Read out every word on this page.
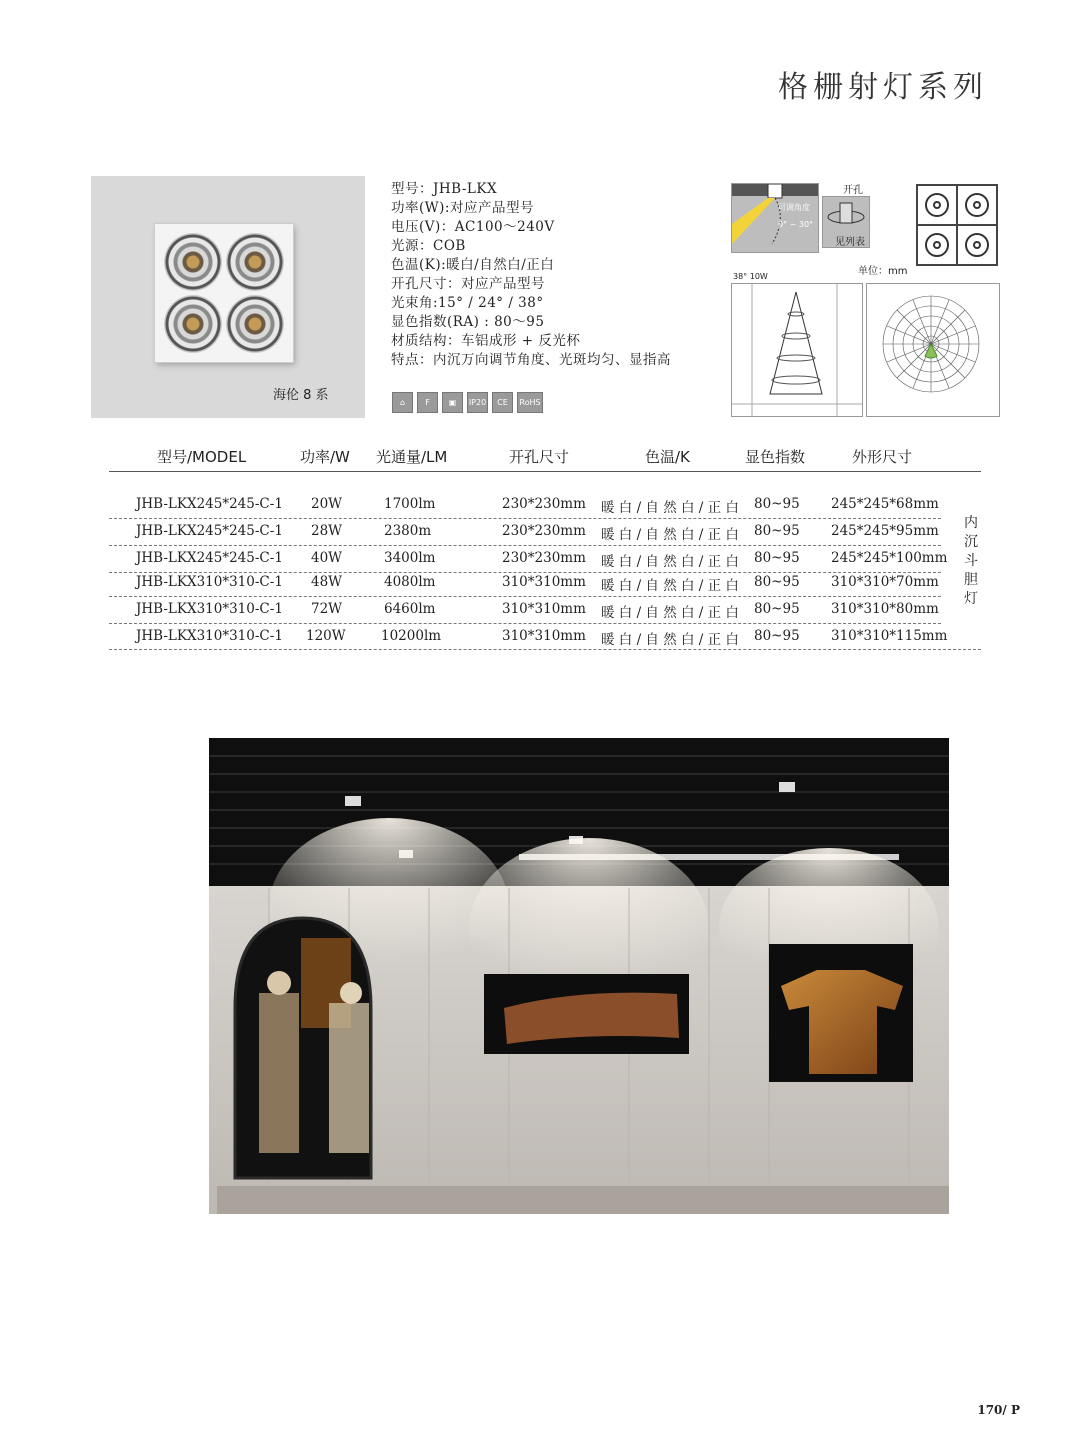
格栅射灯系列
海伦 8 系
型号：JHB-LKX
功率(W):对应产品型号
电压(V)：AC100～240V
光源：COB
色温(K):暖白/自然白/正白
开孔尺寸：对应产品型号
光束角:15° / 24° / 38°
显色指数(RA) : 80～95
材质结构：车铝成形 + 反光杯
特点：内沉万向调节角度、光斑均匀、显指高
⌂	F	▣	IP20	CE	RoHS
可调角度
0° ~ 30°
开孔
见列表
单位：mm
38° 10W
型号/MODEL	功率/W 光通量/LM	开孔尺寸	色温/K	显色指数	外形尺寸
JHB-LKX245*245-C-1 20W	1700lm	230*230mm 暖 白 / 自 然 白 / 正 白 80~95 245*245*68mm
JHB-LKX245*245-C-1 28W	2380m	230*230mm 暖 白 / 自 然 白 / 正 白 80~95 245*245*95mm
JHB-LKX245*245-C-1 40W	3400lm	230*230mm 暖 白 / 自 然 白 / 正 白 80~95 245*245*100mm
JHB-LKX310*310-C-1 48W	4080lm	310*310mm 暖 白 / 自 然 白 / 正 白 80~95 310*310*70mm
JHB-LKX310*310-C-1 72W	6460lm	310*310mm 暖 白 / 自 然 白 / 正 白 80~95 310*310*80mm
JHB-LKX310*310-C-1 120W	10200lm	310*310mm 暖 白 / 自 然 白 / 正 白 80~95 310*310*115mm
内
沉
斗
胆
灯
170/ P
